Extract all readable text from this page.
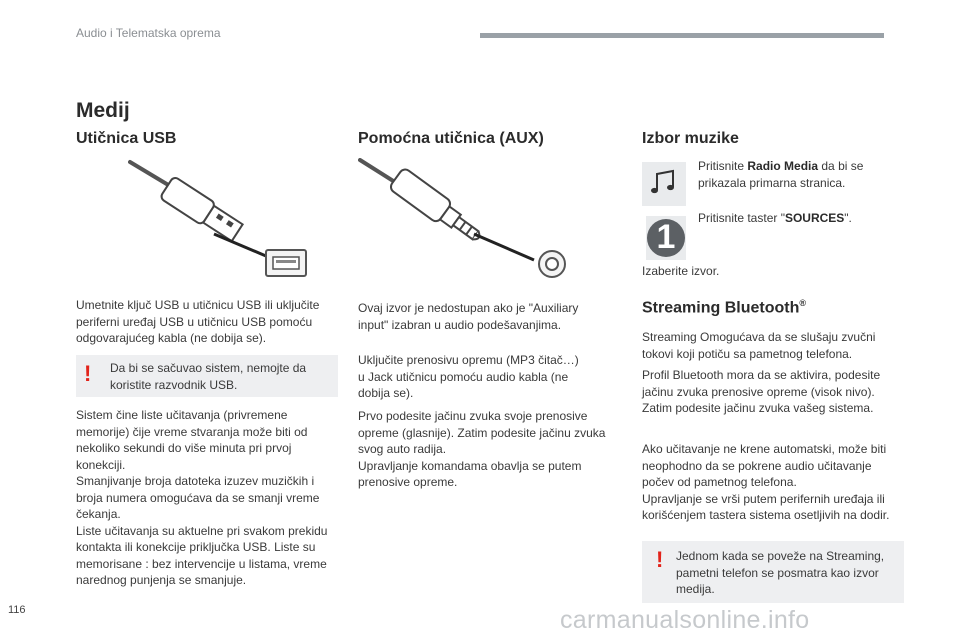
Audio i Telematska oprema
Medij
Utičnica USB
Umetnite ključ USB u utičnicu USB ili uključite
periferni uređaj USB u utičnicu USB pomoću
odgovarajućeg kabla (ne dobija se).
! Da bi se sačuvao sistem, nemojte da
koristite razvodnik USB.
Sistem čine liste učitavanja (privremene
memorije) čije vreme stvaranja može biti od
nekoliko sekundi do više minuta pri prvoj
konekciji.
Smanjivanje broja datoteka izuzev muzičkih i
broja numera omogućava da se smanji vreme
čekanja.
Liste učitavanja su aktuelne pri svakom prekidu
kontakta ili konekcije priključka USB. Liste su
memorisane : bez intervencije u listama, vreme
narednog punjenja se smanjuje.
Pomoćna utičnica (AUX)
Ovaj izvor je nedostupan ako je "Auxiliary
input" izabran u audio podešavanjima.
Uključite prenosivu opremu (MP3 čitač…)
u Jack utičnicu pomoću audio kabla (ne
dobija se).
Prvo podesite jačinu zvuka svoje prenosive
opreme (glasnije). Zatim podesite jačinu zvuka
svog auto radija.
Upravljanje komandama obavlja se putem
prenosive opreme.
Izbor muzike
Pritisnite Radio Media da bi se
prikazala primarna stranica.
1	Pritisnite taster "SOURCES".
Izaberite izvor.
Streaming Bluetooth®
Streaming Omogućava da se slušaju zvučni
tokovi koji potiču sa pametnog telefona.
Profil Bluetooth mora da se aktivira, podesite
jačinu zvuka prenosive opreme (visok nivo).
Zatim podesite jačinu zvuka vašeg sistema.
Ako učitavanje ne krene automatski, može biti
neophodno da se pokrene audio učitavanje
počev od pametnog telefona.
Upravljanje se vrši putem perifernih uređaja ili
korišćenjem tastera sistema osetljivih na dodir.
! Jednom kada se poveže na Streaming,
pametni telefon se posmatra kao izvor
medija.
116	carmanualsonline.info
